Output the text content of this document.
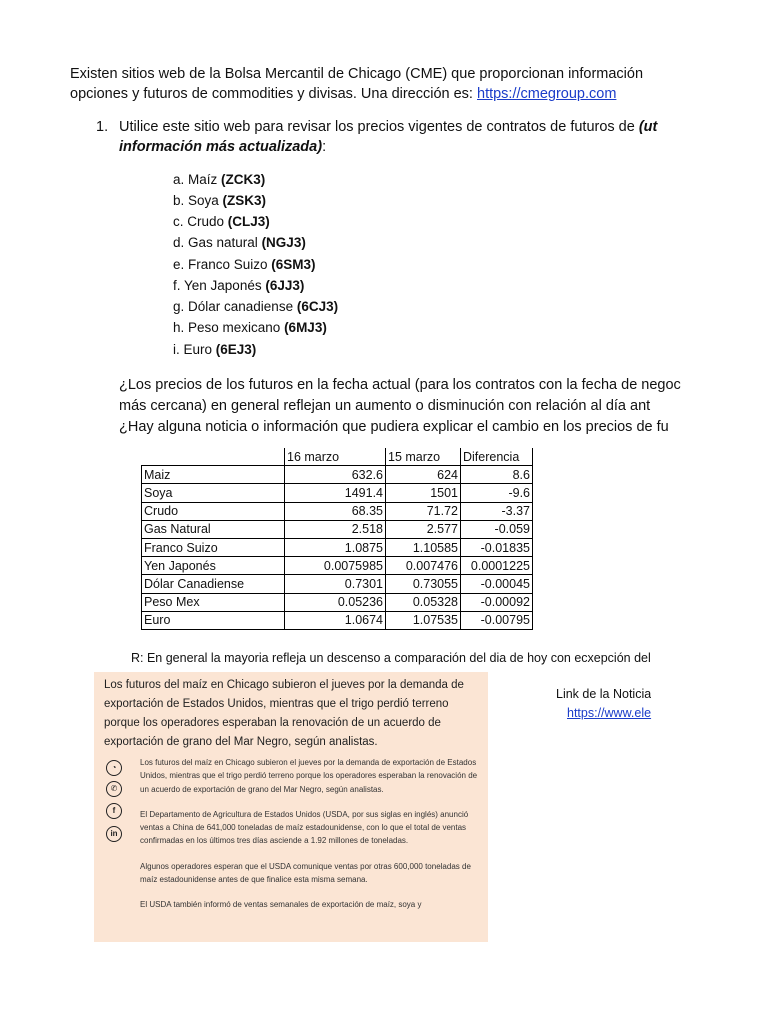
Existen sitios web de la Bolsa Mercantil de Chicago (CME) que proporcionan información
opciones y futuros de commodities y divisas. Una dirección es: https://cmegroup.com
1. Utilice este sitio web para revisar los precios vigentes de contratos de futuros de (ut
información más actualizada):
a. Maíz (ZCK3)
b. Soya (ZSK3)
c. Crudo (CLJ3)
d. Gas natural (NGJ3)
e. Franco Suizo (6SM3)
f. Yen Japonés (6JJ3)
g. Dólar canadiense (6CJ3)
h. Peso mexicano (6MJ3)
i. Euro (6EJ3)
¿Los precios de los futuros en la fecha actual (para los contratos con la fecha de negoc
más cercana) en general reflejan un aumento o disminución con relación al día ant
¿Hay alguna noticia o información que pudiera explicar el cambio en los precios de fu
	16 marzo	15 marzo	Diferencia
Maiz	632.6	624	8.6
Soya	1491.4	1501	-9.6
Crudo	68.35	71.72	-3.37
Gas Natural	2.518	2.577	-0.059
Franco Suizo	1.0875	1.10585	-0.01835
Yen Japonés	0.0075985	0.007476	0.0001225
Dólar Canadiense	0.7301	0.73055	-0.00045
Peso Mex	0.05236	0.05328	-0.00092
Euro	1.0674	1.07535	-0.00795
R: En general la mayoria refleja un descenso a comparación del dia de hoy con ecxepción del
Los futuros del maíz en Chicago subieron el jueves por la demanda de exportación de Estados Unidos, mientras que el trigo perdió terreno porque los operadores esperaban la renovación de un acuerdo de exportación de grano del Mar Negro, según analistas.
◔
✆
f
in

Los futuros del maíz en Chicago subieron el jueves por la demanda de exportación de Estados Unidos, mientras que el trigo perdió terreno porque los operadores esperaban la renovación de un acuerdo de exportación de grano del Mar Negro, según analistas.

El Departamento de Agricultura de Estados Unidos (USDA, por sus siglas en inglés) anunció ventas a China de 641,000 toneladas de maíz estadounidense, con lo que el total de ventas confirmadas en los últimos tres días asciende a 1.92 millones de toneladas.

Algunos operadores esperan que el USDA comunique ventas por otras 600,000 toneladas de maíz estadounidense antes de que finalice esta misma semana.

El USDA también informó de ventas semanales de exportación de maíz, soya y

Link de la Noticia
https://www.ele
